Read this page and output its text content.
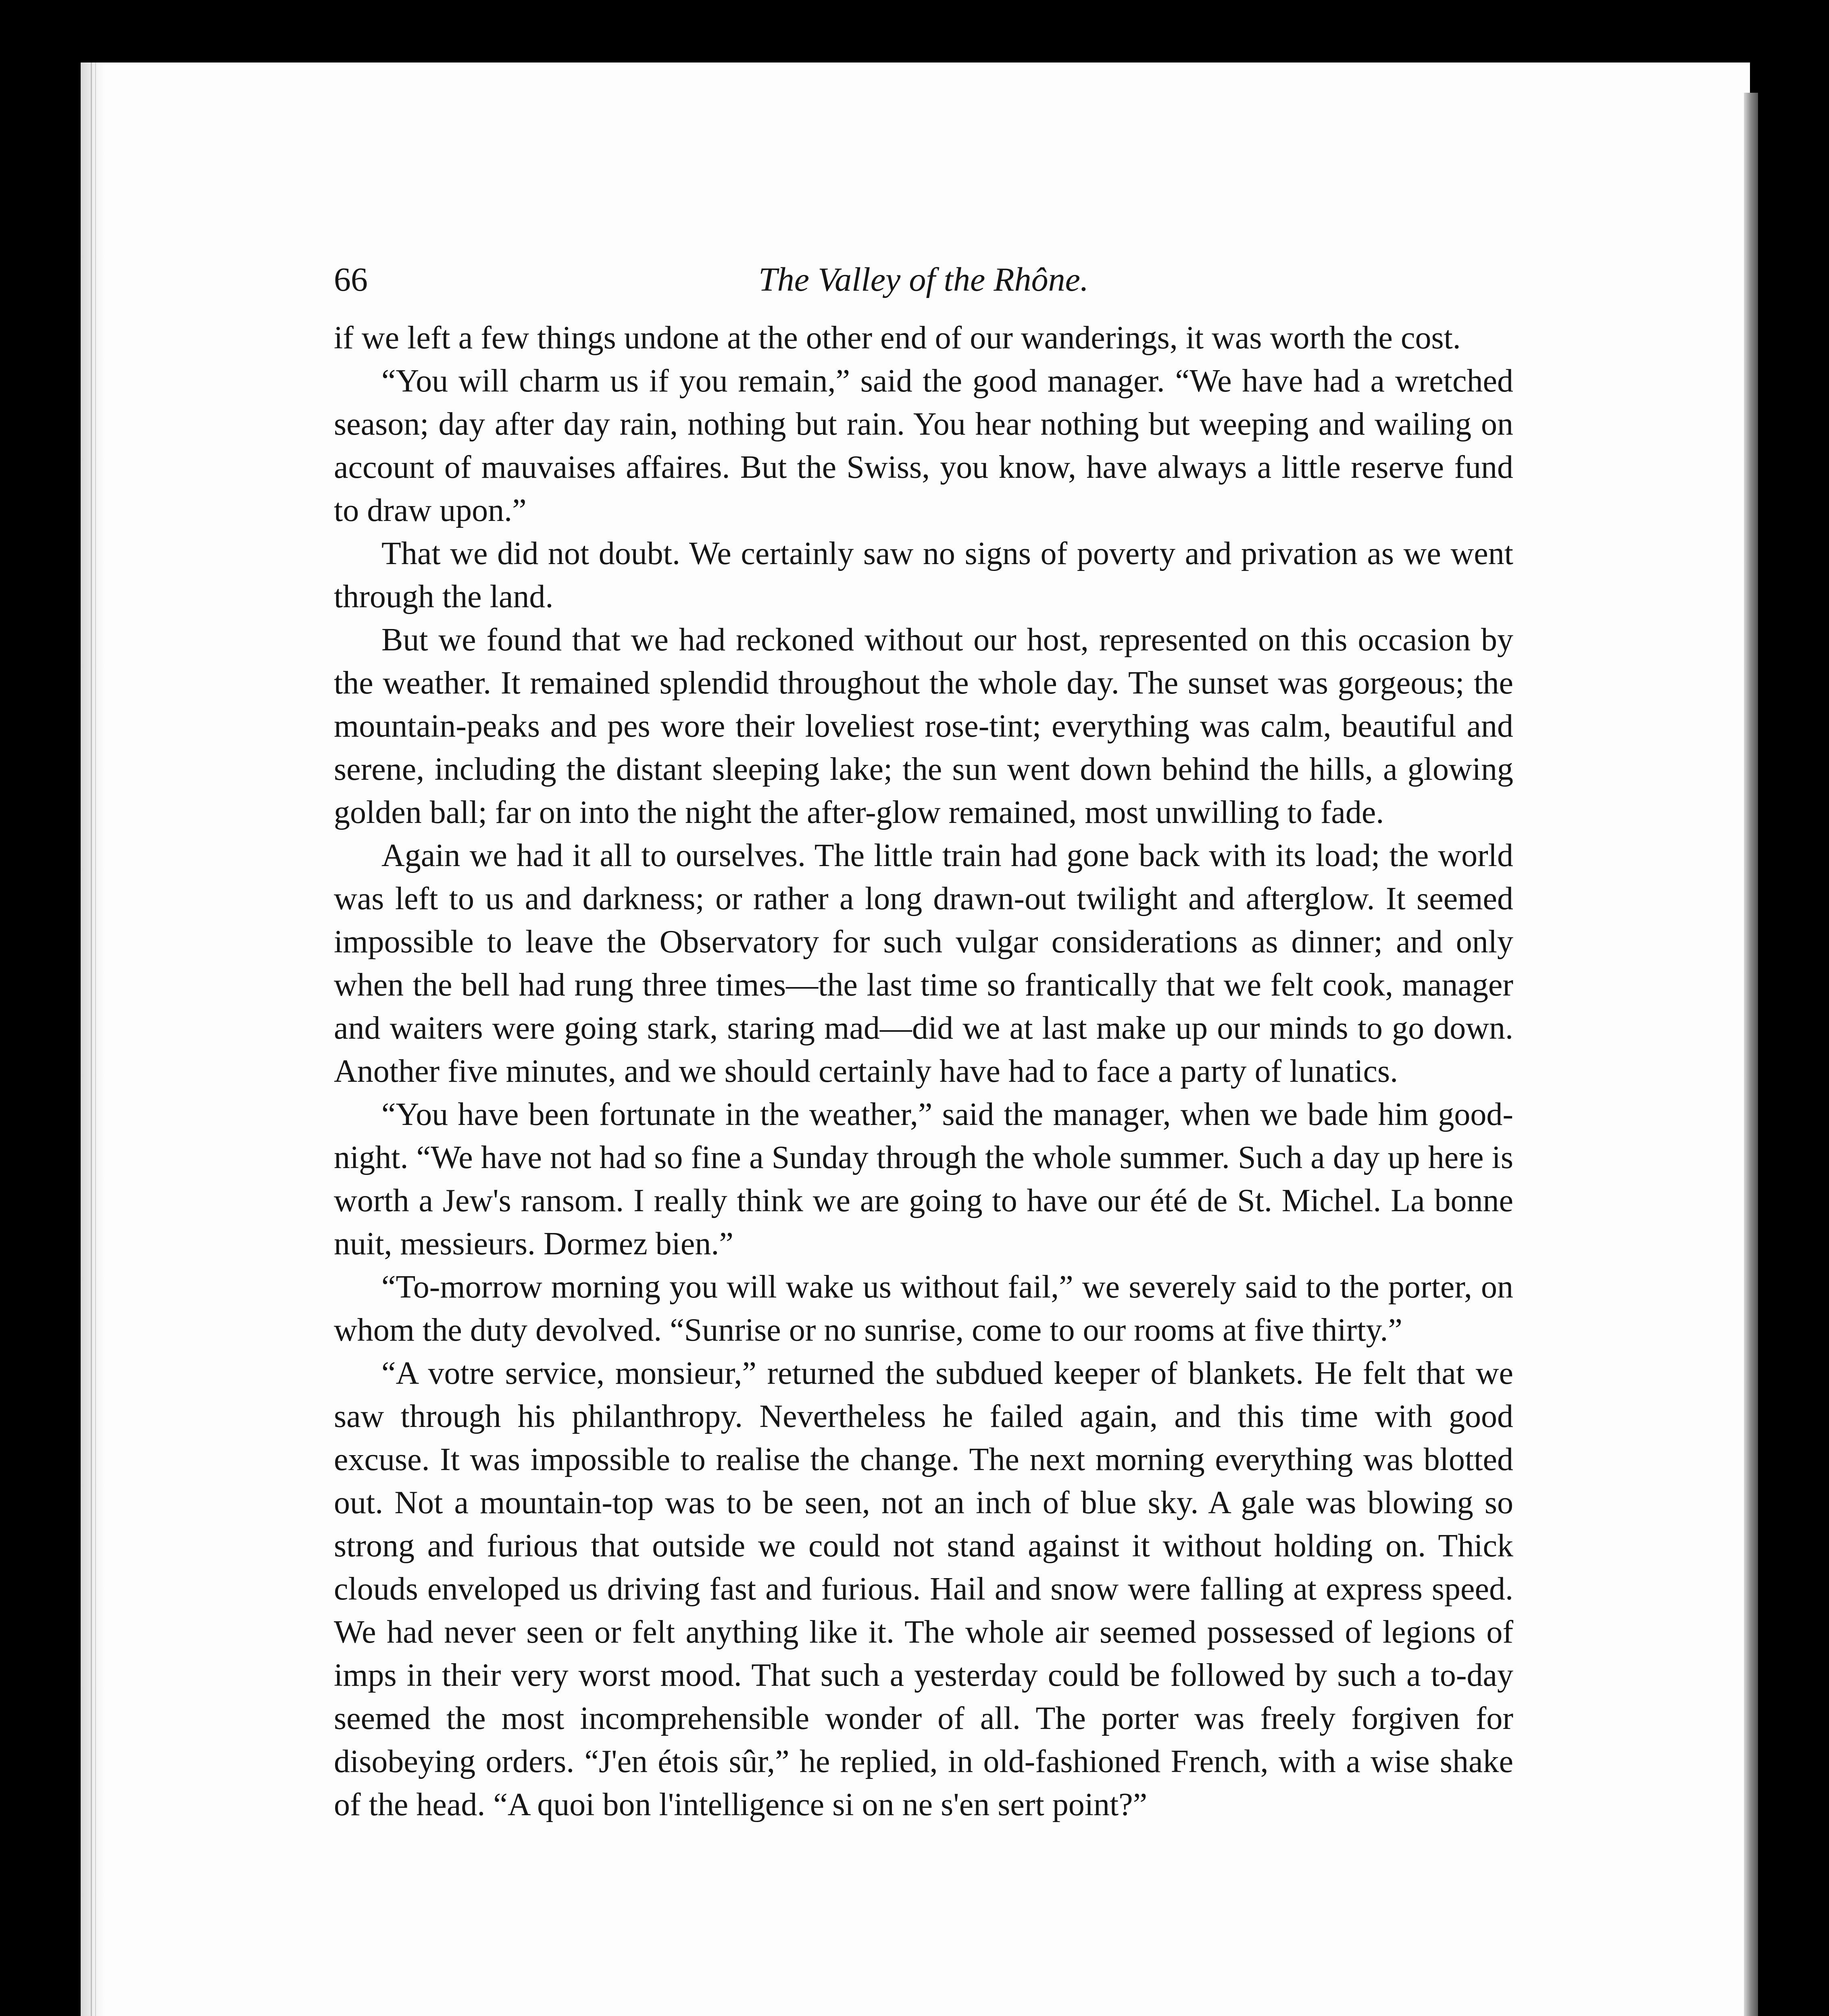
66	The Valley of the Rhône.

if we left a few things undone at the other end of our wanderings, it was worth the cost.

“You will charm us if you remain,” said the good manager. “We have had a wretched season; day after day rain, nothing but rain. You hear nothing but weeping and wailing on account of mauvaises affaires. But the Swiss, you know, have always a little reserve fund to draw upon.”

That we did not doubt. We certainly saw no signs of poverty and privation as we went through the land.

But we found that we had reckoned without our host, represented on this occasion by the weather. It remained splendid throughout the whole day. The sunset was gorgeous; the mountain-peaks and pes wore their loveliest rose-tint; everything was calm, beautiful and serene, including the distant sleeping lake; the sun went down behind the hills, a glowing golden ball; far on into the night the after-glow remained, most unwilling to fade.

Again we had it all to ourselves. The little train had gone back with its load; the world was left to us and darkness; or rather a long drawn-out twilight and afterglow. It seemed impossible to leave the Observatory for such vulgar considerations as dinner; and only when the bell had rung three times—the last time so frantically that we felt cook, manager and waiters were going stark, staring mad—did we at last make up our minds to go down. Another five minutes, and we should certainly have had to face a party of lunatics.

“You have been fortunate in the weather,” said the manager, when we bade him good-night. “We have not had so fine a Sunday through the whole summer. Such a day up here is worth a Jew's ransom. I really think we are going to have our été de St. Michel. La bonne nuit, messieurs. Dormez bien.”

“To-morrow morning you will wake us without fail,” we severely said to the porter, on whom the duty devolved. “Sunrise or no sunrise, come to our rooms at five thirty.”

“A votre service, monsieur,” returned the subdued keeper of blankets. He felt that we saw through his philanthropy. Nevertheless he failed again, and this time with good excuse. It was impossible to realise the change. The next morning everything was blotted out. Not a mountain-top was to be seen, not an inch of blue sky. A gale was blowing so strong and furious that outside we could not stand against it without holding on. Thick clouds enveloped us driving fast and furious. Hail and snow were falling at express speed. We had never seen or felt anything like it. The whole air seemed possessed of legions of imps in their very worst mood. That such a yesterday could be followed by such a to-day seemed the most incomprehensible wonder of all. The porter was freely forgiven for disobeying orders. “J'en étois sûr,” he replied, in old-fashioned French, with a wise shake of the head. “A quoi bon l'intelligence si on ne s'en sert point?”
